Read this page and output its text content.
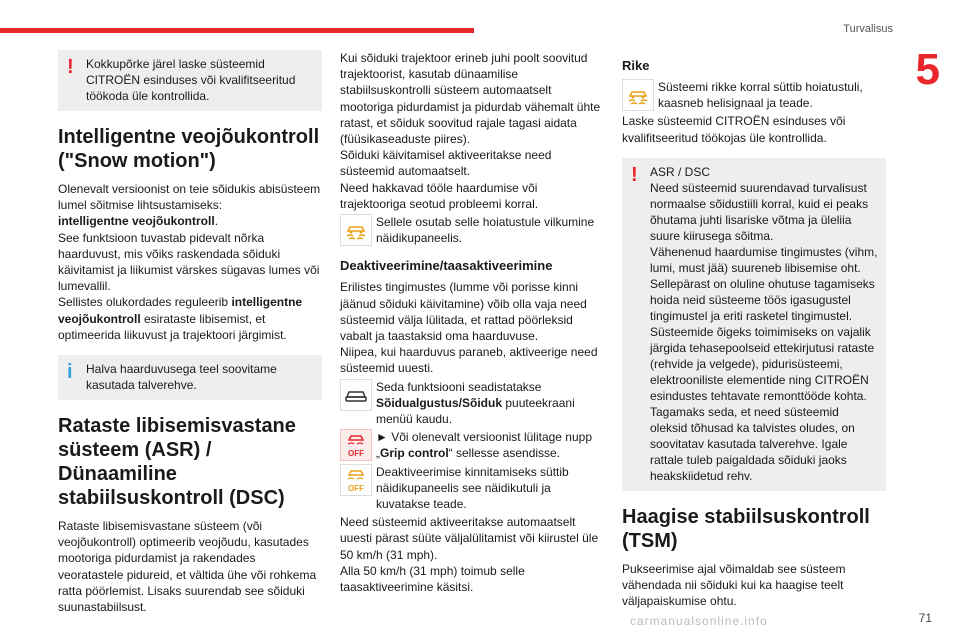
Turvalisus
5
! Kokkupõrke järel laske süsteemid CITROËN esinduses või kvalifitseeritud töökoda üle kontrollida.

Intelligentne veojõukontroll ("Snow motion")

Olenevalt versioonist on teie sõidukis abisüsteem lumel sõitmise lihtsustamiseks:
intelligentne veojõukontroll.

See funktsioon tuvastab pidevalt nõrka haarduvust, mis võiks raskendada sõiduki käivitamist ja liikumist värskes sügavas lumes või lumevallil.

Sellistes olukordades reguleerib intelligentne veojõukontroll esirataste libisemist, et optimeerida liikuvust ja trajektoori järgimist.

i Halva haarduvusega teel soovitame kasutada talverehve.

Rataste libisemisvastane süsteem (ASR) / Dünaamiline stabiilsuskontroll (DSC)

Rataste libisemisvastane süsteem (või veojõukontroll) optimeerib veojõudu, kasutades mootoriga pidurdamist ja rakendades veoratastele pidureid, et vältida ühe või rohkema ratta pöörlemist. Lisaks suurendab see sõiduki suunastabiilsust.

Kui sõiduki trajektoor erineb juhi poolt soovitud trajektoorist, kasutab dünaamilise stabiilsuskontrolli süsteem automaatselt mootoriga pidurdamist ja pidurdab vähemalt ühte ratast, et sõiduk soovitud rajale tagasi aidata (füüsikaseaduste piires).

Sõiduki käivitamisel aktiveeritakse need süsteemid automaatselt.

Need hakkavad tööle haardumise või trajektooriga seotud probleemi korral.

Sellele osutab selle hoiatustule vilkumine näidikupaneelis.

Deaktiveerimine/taasaktiveerimine

Erilistes tingimustes (lumme või porisse kinni jäänud sõiduki käivitamine) võib olla vaja need süsteemid välja lülitada, et rattad pöörleksid vabalt ja taastaksid oma haarduvuse.

Niipea, kui haarduvus paraneb, aktiveerige need süsteemid uuesti.

Seda funktsiooni seadistatakse Sõidualgustus/Sõiduk puuteekraani menüü kaudu.

OFF

► Või olenevalt versioonist lülitage nupp „Grip control“ sellesse asendisse.

OFF

Deaktiveerimise kinnitamiseks süttib näidikupaneelis see näidikutuli ja kuvatakse teade.

Need süsteemid aktiveeritakse automaatselt uuesti pärast süüte väljalülitamist või kiirustel üle 50 km/h (31 mph).

Alla 50 km/h (31 mph) toimub selle taasaktiveerimine käsitsi.

Rike

Süsteemi rikke korral süttib hoiatustuli, kaasneb helisignaal ja teade.

Laske süsteemid CITROËN esinduses või kvalifitseeritud töökojas üle kontrollida.

! ASR / DSC

Need süsteemid suurendavad turvalisust normaalse sõidustiili korral, kuid ei peaks õhutama juhti lisariske võtma ja üleliia suure kiirusega sõitma.

Vähenenud haardumise tingimustes (vihm, lumi, must jää) suureneb libisemise oht.

Sellepärast on oluline ohutuse tagamiseks hoida neid süsteeme töös igasugustel tingimustel ja eriti rasketel tingimustel.

Süsteemide õigeks toimimiseks on vajalik järgida tehasepoolseid ettekirjutusi rataste (rehvide ja velgede), pidurisüsteemi, elektrooniliste elementide ning CITROËN esindustes tehtavate remonttööde kohta.

Tagamaks seda, et need süsteemid oleksid tõhusad ka talvistes oludes, on soovitatav kasutada talverehve. Igale rattale tuleb paigaldada sõiduki jaoks heakskiidetud rehv.

Haagise stabiilsuskontroll (TSM)

Pukseerimise ajal võimaldab see süsteem vähendada nii sõiduki kui ka haagise teelt väljapaiskumise ohtu.

carmanualsonline.info	71
